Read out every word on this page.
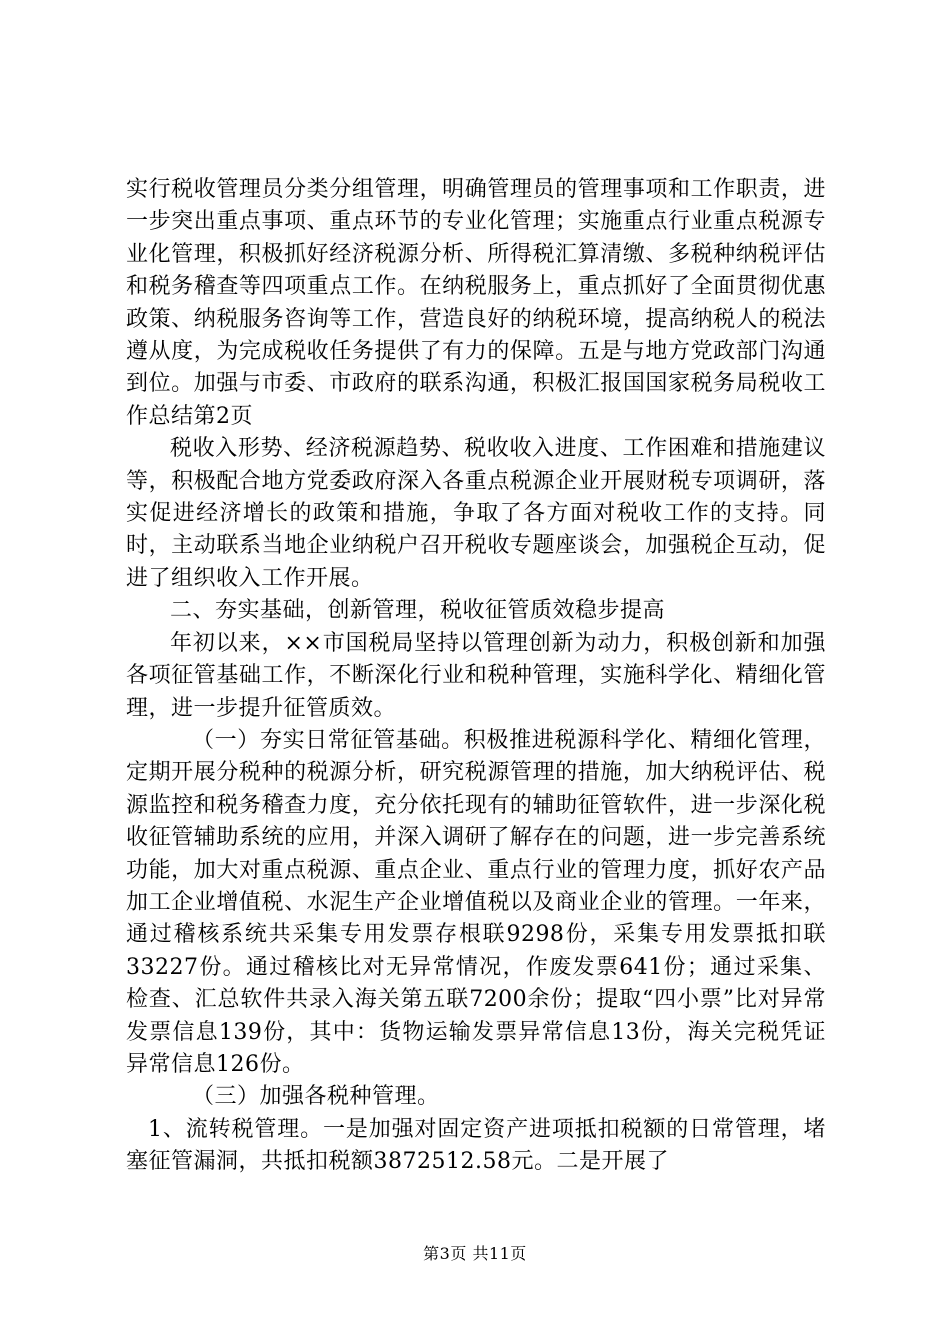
实行税收管理员分类分组管理，明确管理员的管理事项和工作职责，进一步突出重点事项、重点环节的专业化管理；实施重点行业重点税源专业化管理，积极抓好经济税源分析、所得税汇算清缴、多税种纳税评估和税务稽查等四项重点工作。在纳税服务上，重点抓好了全面贯彻优惠政策、纳税服务咨询等工作，营造良好的纳税环境，提高纳税人的税法遵从度，为完成税收任务提供了有力的保障。五是与地方党政部门沟通到位。加强与市委、市政府的联系沟通，积极汇报国国家税务局税收工作总结第2页

税收入形势、经济税源趋势、税收收入进度、工作困难和措施建议等，积极配合地方党委政府深入各重点税源企业开展财税专项调研，落实促进经济增长的政策和措施，争取了各方面对税收工作的支持。同时，主动联系当地企业纳税户召开税收专题座谈会，加强税企互动，促进了组织收入工作开展。

二、夯实基础，创新管理，税收征管质效稳步提高

年初以来，××市国税局坚持以管理创新为动力，积极创新和加强各项征管基础工作，不断深化行业和税种管理，实施科学化、精细化管理，进一步提升征管质效。

（一）夯实日常征管基础。积极推进税源科学化、精细化管理，定期开展分税种的税源分析，研究税源管理的措施，加大纳税评估、税源监控和税务稽查力度，充分依托现有的辅助征管软件，进一步深化税收征管辅助系统的应用，并深入调研了解存在的问题，进一步完善系统功能，加大对重点税源、重点企业、重点行业的管理力度，抓好农产品加工企业增值税、水泥生产企业增值税以及商业企业的管理。一年来，通过稽核系统共采集专用发票存根联9298份，采集专用发票抵扣联33227份。通过稽核比对无异常情况，作废发票641份；通过采集、检查、汇总软件共录入海关第五联7200余份；提取“四小票”比对异常发票信息139份，其中：货物运输发票异常信息13份，海关完税凭证异常信息126份。

（三）加强各税种管理。

1、流转税管理。一是加强对固定资产进项抵扣税额的日常管理，堵塞征管漏洞，共抵扣税额3872512.58元。二是开展了

第3页 共11页
